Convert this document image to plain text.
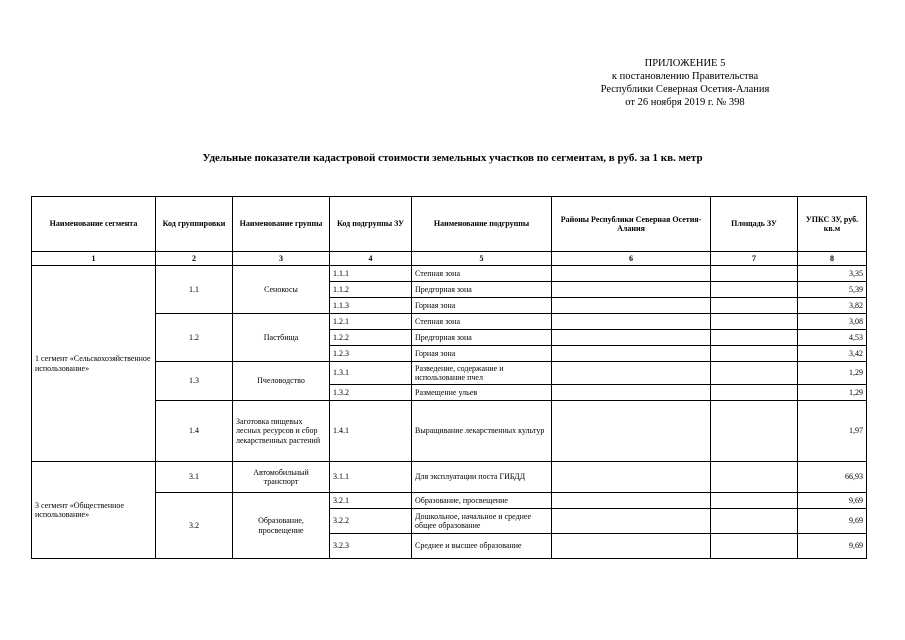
ПРИЛОЖЕНИЕ 5
к постановлению Правительства
Республики Северная Осетия-Алания
от 26 ноября 2019 г. № 398
Удельные показатели кадастровой стоимости земельных участков по сегментам, в руб. за 1 кв. метр
Наименование сегмента	Код группировки	Наименование группы	Код подгруппы ЗУ	Наименование подгруппы	Районы Республики Северная Осетия-Алания	Площадь ЗУ	УПКС ЗУ, руб. кв.м
1	2	3	4	5	6	7	8
1 сегмент «Сельскохозяйственное использование»	1.1	Сенокосы	1.1.1	Степная зона			3,35
			1.1.2	Предгорная зона			5,39
			1.1.3	Горная зона			3,82
	1.2	Пастбища	1.2.1	Степная зона			3,08
			1.2.2	Предгорная зона			4,53
			1.2.3	Горная зона			3,42
	1.3	Пчеловодство	1.3.1	Разведение, содержание и использование пчел			1,29
			1.3.2	Размещение ульев			1,29
	1.4	Заготовка пищевых лесных ресурсов и сбор лекарственных растений	1.4.1	Выращивание лекарственных культур			1,97

3 сегмент «Общественное использование»	3.1	Автомобильный транспорт	3.1.1	Для эксплуатации поста ГИБДД			66,93
	3.2	Образование, просвещение	3.2.1	Образование, просвещение			9,69
			3.2.2	Дошкольное, начальное и среднее общее образование			9,69
			3.2.3	Среднее и высшее образование			9,69
